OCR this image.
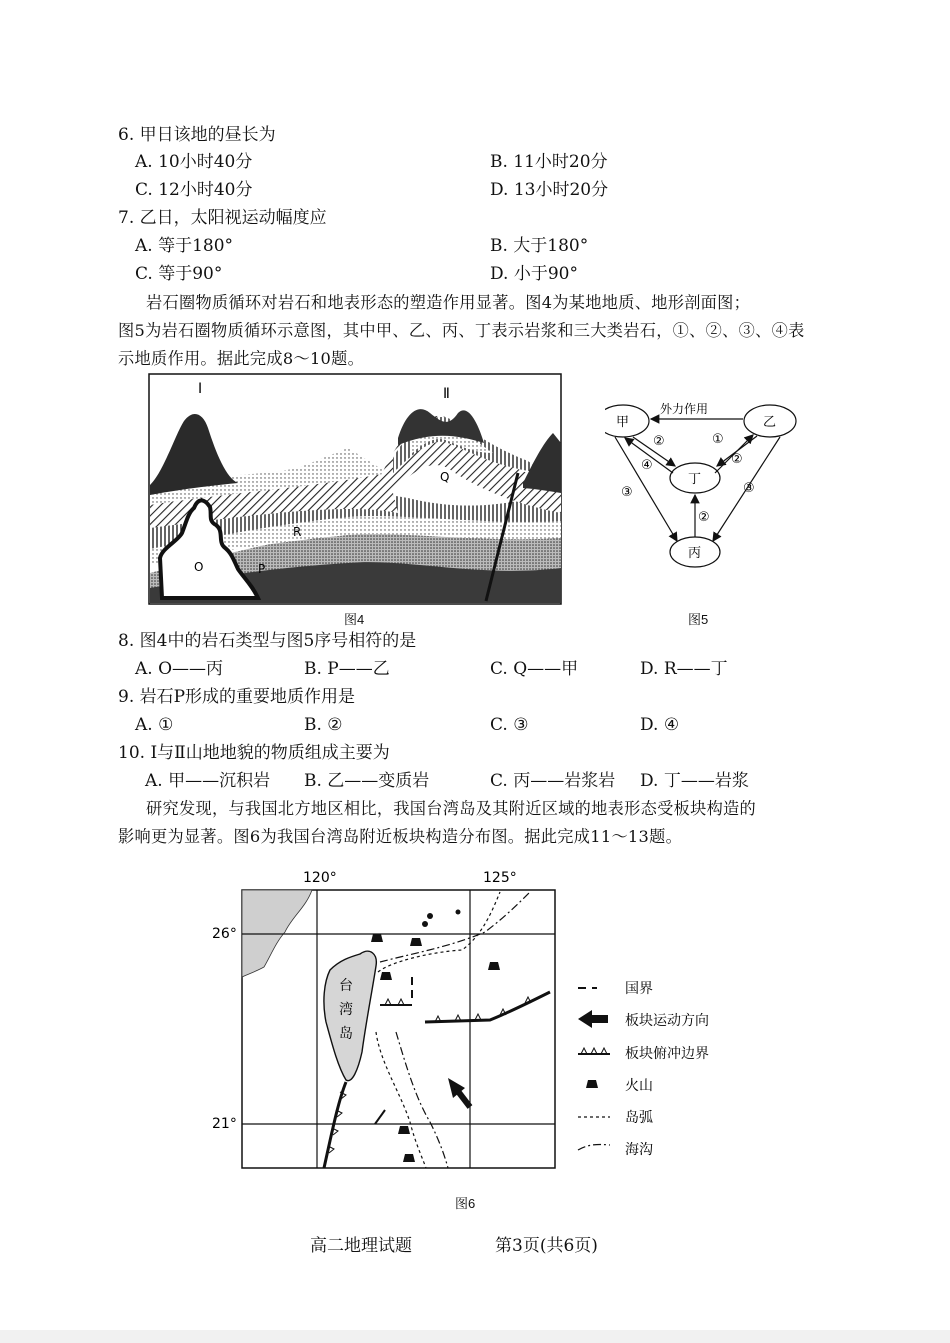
6. 甲日该地的昼长为
A. 10小时40分	B. 11小时20分
C. 12小时40分	D. 13小时20分
7. 乙日，太阳视运动幅度应
A. 等于180°	B. 大于180°
C. 等于90°	D. 小于90°
岩石圈物质循环对岩石和地表形态的塑造作用显著。图4为某地地质、地形剖面图；
图5为岩石圈物质循环示意图，其中甲、乙、丙、丁表示岩浆和三大类岩石，①、②、③、④表
示地质作用。据此完成8～10题。
Ⅰ	Ⅱ
Q
R
O	P
图4
甲	乙
丁
丙
外力作用
②	①
②
④
③	③
②
图5
8. 图4中的岩石类型与图5序号相符的是
A. O——丙	B. P——乙	C. Q——甲	D. R——丁
9. 岩石P形成的重要地质作用是
A. ①	B. ②	C. ③	D. ④
10. Ⅰ与Ⅱ山地地貌的物质组成主要为
A. 甲——沉积岩 B. 乙——变质岩	C. 丙——岩浆岩 D. 丁——岩浆
研究发现，与我国北方地区相比，我国台湾岛及其附近区域的地表形态受板块构造的
影响更为显著。图6为我国台湾岛附近板块构造分布图。据此完成11～13题。
120°	125°
26°
21°
台
湾
岛
国界
板块运动方向
板块俯冲边界
火山
岛弧
海沟
图6
高二地理试题	第3页(共6页)
